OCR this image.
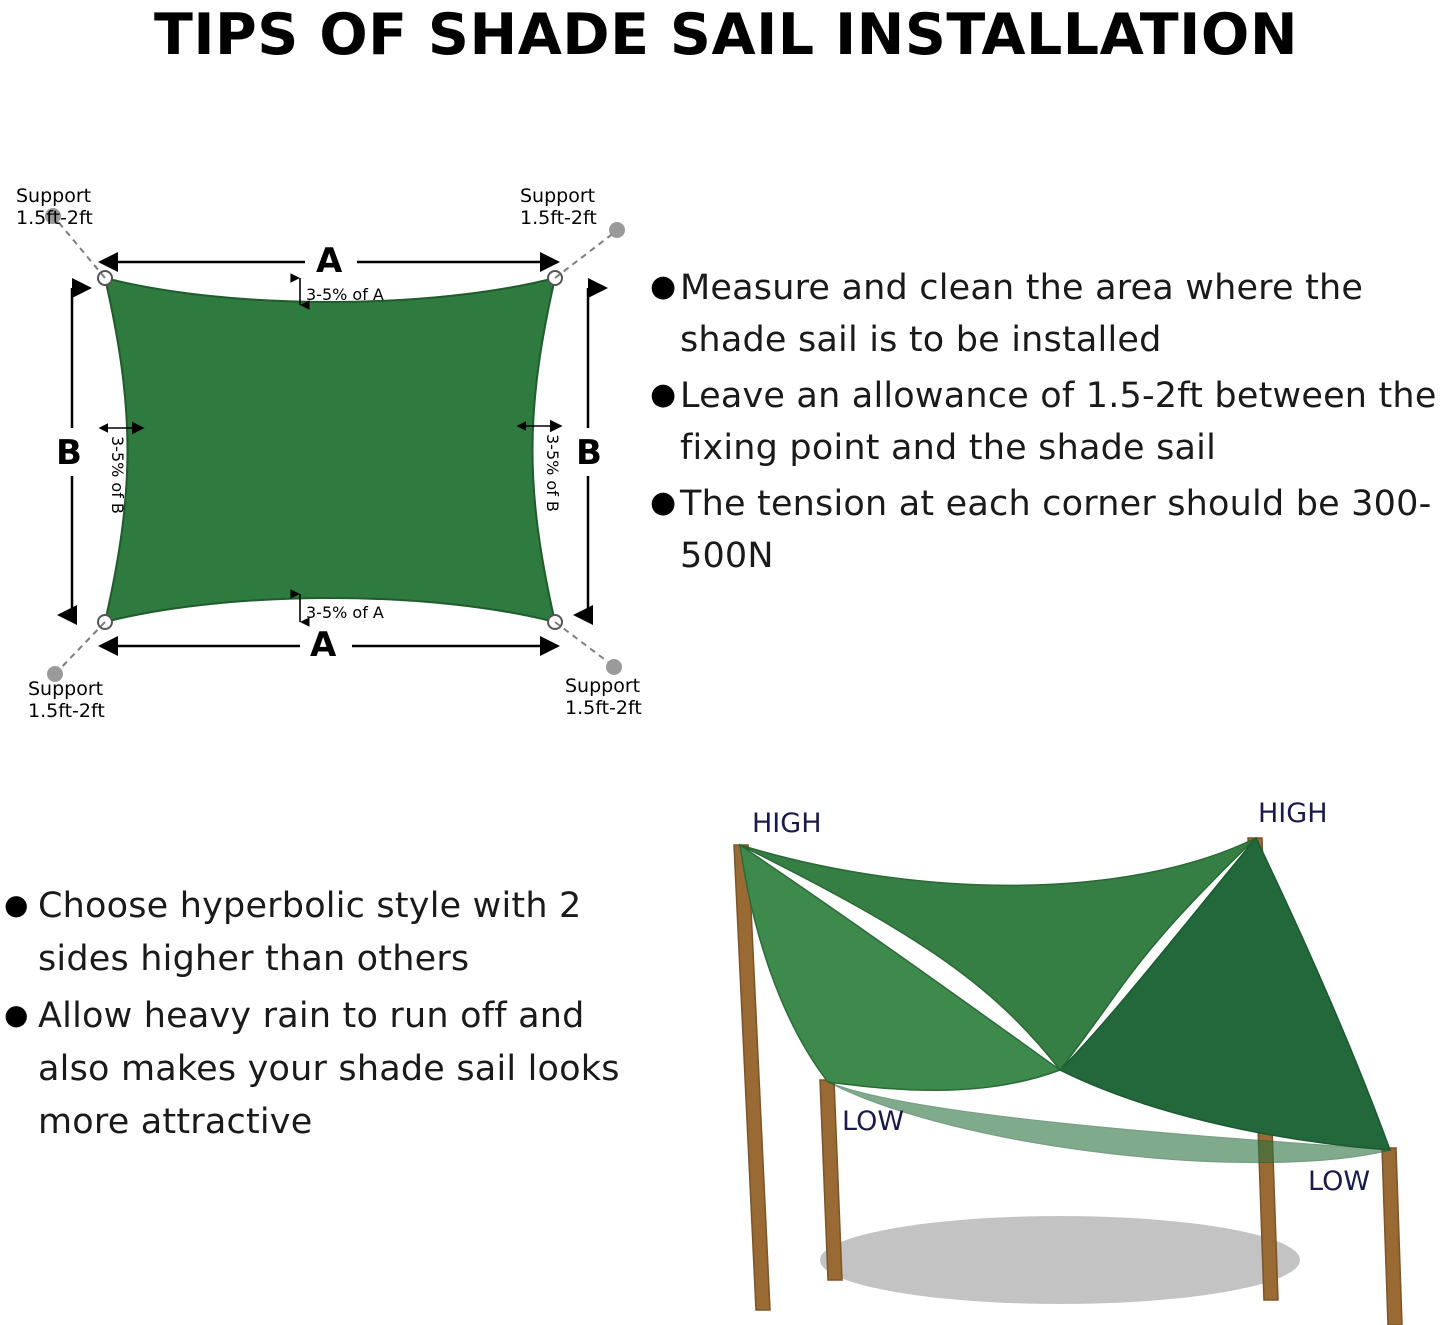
TIPS OF SHADE SAIL INSTALLATION
Support
1.5ft-2ft
Support
1.5ft-2ft
Support
1.5ft-2ft
Support
1.5ft-2ft
A
A
B	B
3-5% of A
3-5% of A
3-5% of B	3-5% of B
● Measure and clean the area where the shade sail is to be installed
● Leave an allowance of 1.5-2ft between the fixing point and the shade sail
● The tension at each corner should be 300-500N
● Choose hyperbolic style with 2 sides higher than others
● Allow heavy rain to run off and also makes your shade sail looks more attractive
HIGH	HIGH
LOW
LOW
